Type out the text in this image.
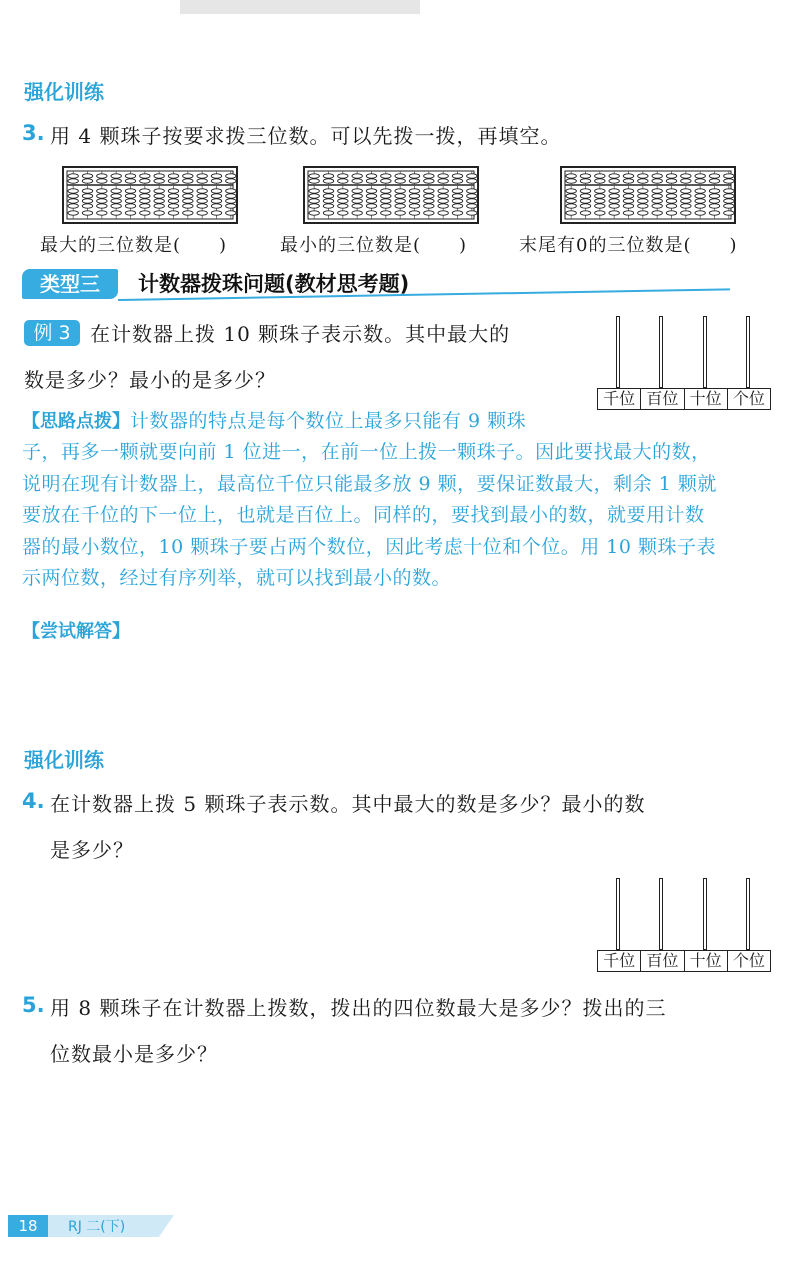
强化训练
3. 用 4 颗珠子按要求拨三位数。可以先拨一拨，再填空。
最大的三位数是(　　)	最小的三位数是(　　)	末尾有0的三位数是(　　)
类型三	计数器拨珠问题(教材思考题)
例 3 在计数器上拨 10 颗珠子表示数。其中最大的
数是多少？最小的是多少？
千位 百位 十位 个位
【思路点拨】计数器的特点是每个数位上最多只能有 9 颗珠
子，再多一颗就要向前 1 位进一，在前一位上拨一颗珠子。因此要找最大的数，
说明在现有计数器上，最高位千位只能最多放 9 颗，要保证数最大，剩余 1 颗就
要放在千位的下一位上，也就是百位上。同样的，要找到最小的数，就要用计数
器的最小数位，10 颗珠子要占两个数位，因此考虑十位和个位。用 10 颗珠子表
示两位数，经过有序列举，就可以找到最小的数。
【尝试解答】
强化训练
4. 在计数器上拨 5 颗珠子表示数。其中最大的数是多少？最小的数
是多少？
千位 百位 十位 个位
5. 用 8 颗珠子在计数器上拨数，拨出的四位数最大是多少？拨出的三
位数最小是多少？
18	RJ 二(下)
